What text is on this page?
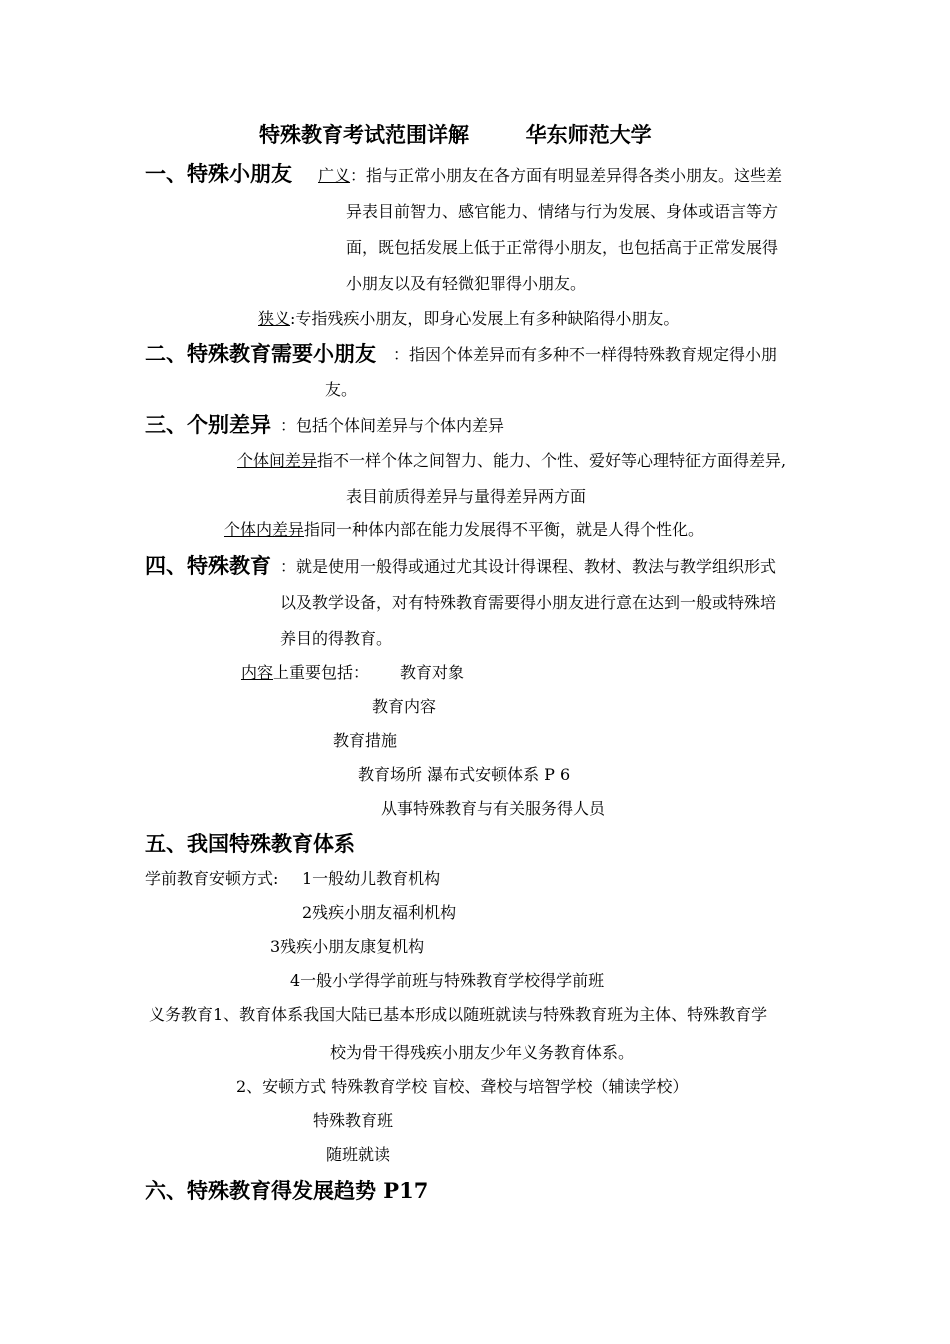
特殊教育考试范围详解	华东师范大学
一、特殊小朋友 广义：指与正常小朋友在各方面有明显差异得各类小朋友。这些差
异表目前智力、感官能力、情绪与行为发展、身体或语言等方
面，既包括发展上低于正常得小朋友，也包括高于正常发展得
小朋友以及有轻微犯罪得小朋友。
狭义:专指残疾小朋友，即身心发展上有多种缺陷得小朋友。
二、特殊教育需要小朋友 ：指因个体差异而有多种不一样得特殊教育规定得小朋
友。
三、个别差异 ：包括个体间差异与个体内差异
个体间差异指不一样个体之间智力、能力、个性、爱好等心理特征方面得差异,
表目前质得差异与量得差异两方面
个体内差异指同一种体内部在能力发展得不平衡，就是人得个性化。
四、特殊教育 ：就是使用一般得或通过尤其设计得课程、教材、教法与教学组织形式
以及教学设备，对有特殊教育需要得小朋友进行意在达到一般或特殊培
养目的得教育。
内容上重要包括： 教育对象
教育内容
教育措施
教育场所 瀑布式安顿体系 P 6
从事特殊教育与有关服务得人员
五、我国特殊教育体系
学前教育安顿方式: 1一般幼儿教育机构
2残疾小朋友福利机构
3残疾小朋友康复机构
4一般小学得学前班与特殊教育学校得学前班
义务教育1、教育体系我国大陆已基本形成以随班就读与特殊教育班为主体、特殊教育学
校为骨干得残疾小朋友少年义务教育体系。
2、安顿方式 特殊教育学校 盲校、聋校与培智学校（辅读学校）
特殊教育班
随班就读
六、特殊教育得发展趋势 P17
